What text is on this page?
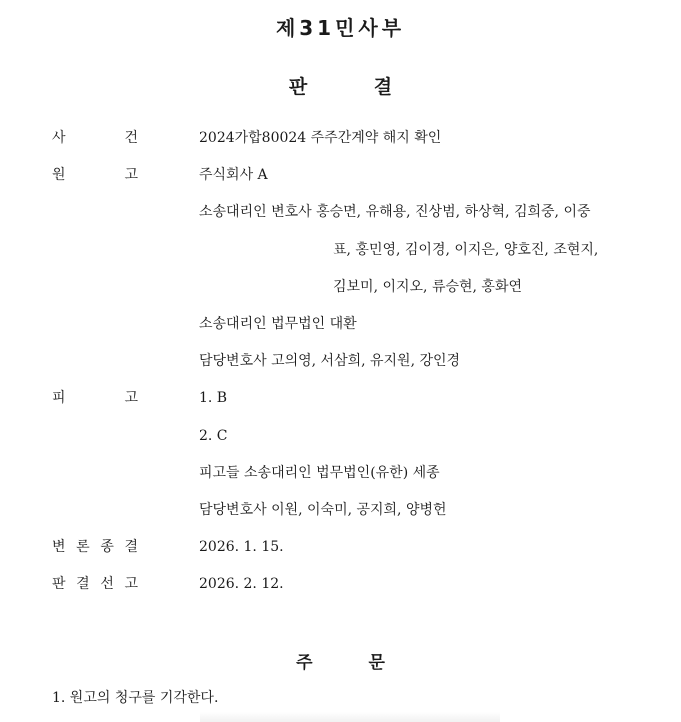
제31민사부
판 결
사	건	2024가합80024 주주간계약 해지 확인
원	고	주식회사 A
소송대리인 변호사 홍승면, 유해용, 진상범, 하상혁, 김희중, 이중
표, 홍민영, 김이경, 이지은, 양호진, 조현지,
김보미, 이지오, 류승현, 홍화연
소송대리인 법무법인 대환
담당변호사 고의영, 서삼희, 유지원, 강인경
피	고	1. B
2. C
피고들 소송대리인 법무법인(유한) 세종
담당변호사 이원, 이숙미, 공지희, 양병헌
변 론 종 결	2026. 1. 15.
판 결 선 고	2026. 2. 12.
주 문
1. 원고의 청구를 기각한다.
